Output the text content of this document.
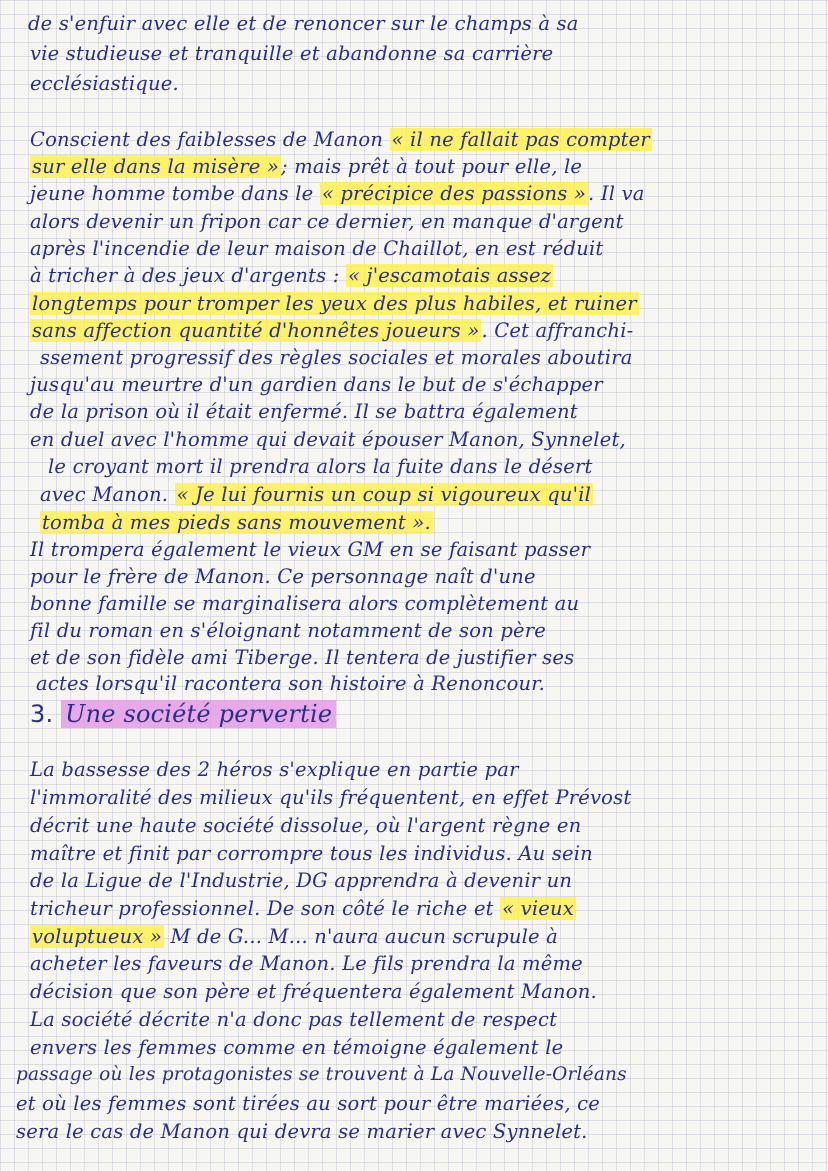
de s'enfuir avec elle et de renoncer sur le champs à sa
vie studieuse et tranquille et abandonne sa carrière
ecclésiastique.
Conscient des faiblesses de Manon « il ne fallait pas compter
sur elle dans la misère » ; mais prêt à tout pour elle, le
jeune homme tombe dans le « précipice des passions » . Il va
alors devenir un fripon car ce dernier, en manque d'argent
après l'incendie de leur maison de Chaillot, en est réduit
à tricher à des jeux d'argents : « j'escamotais assez
longtemps pour tromper les yeux des plus habiles, et ruiner
sans affection quantité d'honnêtes joueurs » . Cet affranchi-
ssement progressif des règles sociales et morales aboutira
jusqu'au meurtre d'un gardien dans le but de s'échapper
de la prison où il était enfermé. Il se battra également
en duel avec l'homme qui devait épouser Manon, Synnelet,
le croyant mort il prendra alors la fuite dans le désert
avec Manon. « Je lui fournis un coup si vigoureux qu'il
tomba à mes pieds sans mouvement ».
Il trompera également le vieux GM en se faisant passer
pour le frère de Manon. Ce personnage naît d'une
bonne famille se marginalisera alors complètement au
fil du roman en s'éloignant notamment de son père
et de son fidèle ami Tiberge. Il tentera de justifier ses
actes lorsqu'il racontera son histoire à Renoncour.
3. Une société pervertie
La bassesse des 2 héros s'explique en partie par
l'immoralité des milieux qu'ils fréquentent, en effet Prévost
décrit une haute société dissolue, où l'argent règne en
maître et finit par corrompre tous les individus. Au sein
de la Ligue de l'Industrie, DG apprendra à devenir un
tricheur professionnel. De son côté le riche et « vieux
voluptueux » M de G... M... n'aura aucun scrupule à
acheter les faveurs de Manon. Le fils prendra la même
décision que son père et fréquentera également Manon.
La société décrite n'a donc pas tellement de respect
envers les femmes comme en témoigne également le
passage où les protagonistes se trouvent à La Nouvelle-Orléans
et où les femmes sont tirées au sort pour être mariées, ce
sera le cas de Manon qui devra se marier avec Synnelet.
